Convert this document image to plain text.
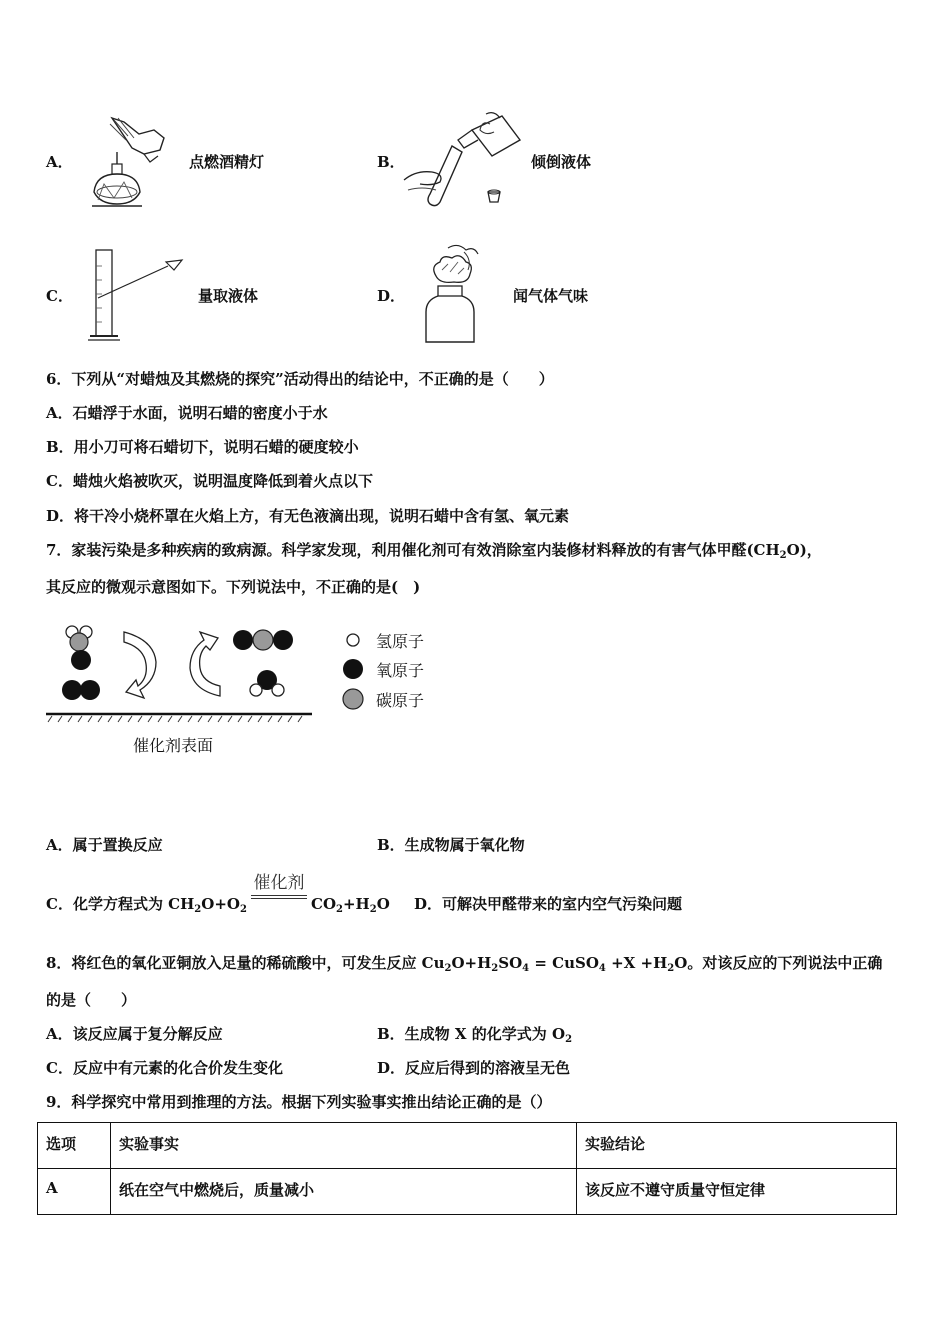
A．	点燃酒精灯	B．	倾倒液体
C．	量取液体	D．	闻气体气味
6．下列从“对蜡烛及其燃烧的探究”活动得出的结论中，不正确的是（　　）
A．石蜡浮于水面，说明石蜡的密度小于水
B．用小刀可将石蜡切下，说明石蜡的硬度较小
C．蜡烛火焰被吹灭，说明温度降低到着火点以下
D．将干冷小烧杯罩在火焰上方，有无色液滴出现，说明石蜡中含有氢、氧元素
7．家装污染是多种疾病的致病源。科学家发现，利用催化剂可有效消除室内装修材料释放的有害气体甲醛$(CH_2O)$，
其反应的微观示意图如下。下列说法中，不正确的是(　)
催化剂表面
氢原子
氧原子
碳原子
A．属于置换反应	B．生成物属于氧化物
C．化学方程式为 $CH_2O+O_2$
催化剂
$CO_2+H_2O$ D．可解决甲醛带来的室内空气污染问题
8．将红色的氧化亚铜放入足量的稀硫酸中，可发生反应 $Cu_2O+H_2SO_4$ = CuSO$_4$ $+X +H_2O$。对该反应的下列说法中正确
的是（　　）
A．该反应属于复分解反应	B．生成物 X 的化学式为 $O_2$
C．反应中有元素的化合价发生变化	D．反应后得到的溶液呈无色
9．科学探究中常用到推理的方法。根据下列实验事实推出结论正确的是（）
选项	实验事实	实验结论
A	纸在空气中燃烧后，质量减小	该反应不遵守质量守恒定律
